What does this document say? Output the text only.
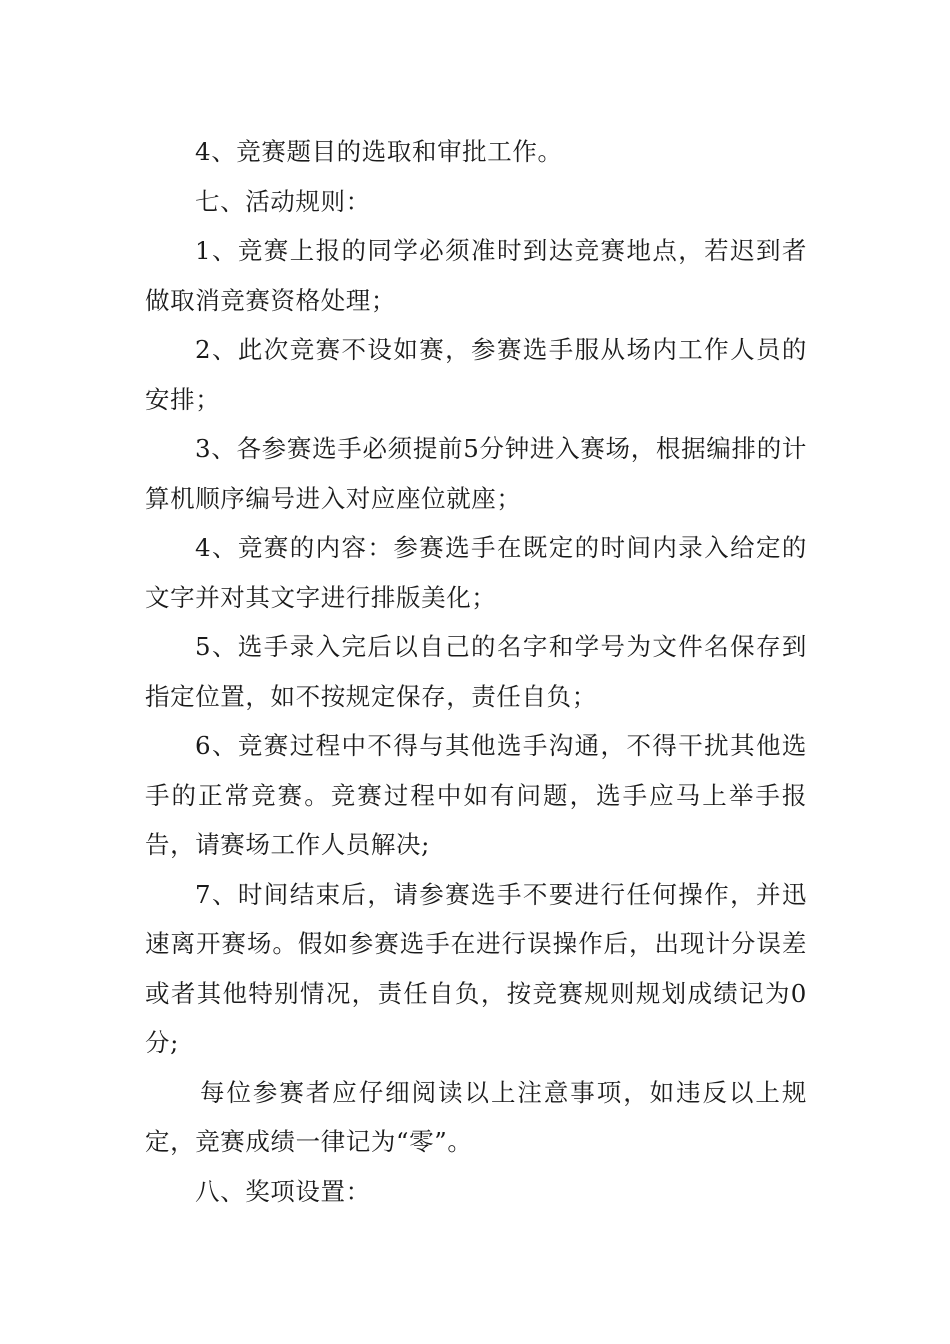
4、竞赛题目的选取和审批工作。

七、活动规则：

1、竞赛上报的同学必须准时到达竞赛地点，若迟到者做取消竞赛资格处理；

2、此次竞赛不设如赛，参赛选手服从场内工作人员的安排；

3、各参赛选手必须提前5分钟进入赛场，根据编排的计算机顺序编号进入对应座位就座；

4、竞赛的内容：参赛选手在既定的时间内录入给定的文字并对其文字进行排版美化；

5、选手录入完后以自己的名字和学号为文件名保存到指定位置，如不按规定保存，责任自负；

6、竞赛过程中不得与其他选手沟通，不得干扰其他选手的正常竞赛。竞赛过程中如有问题，选手应马上举手报告，请赛场工作人员解决;

7、时间结束后，请参赛选手不要进行任何操作，并迅速离开赛场。假如参赛选手在进行误操作后，出现计分误差或者其他特别情况，责任自负，按竞赛规则规划成绩记为0分;

每位参赛者应仔细阅读以上注意事项，如违反以上规定，竞赛成绩一律记为“零”。

八、奖项设置：
